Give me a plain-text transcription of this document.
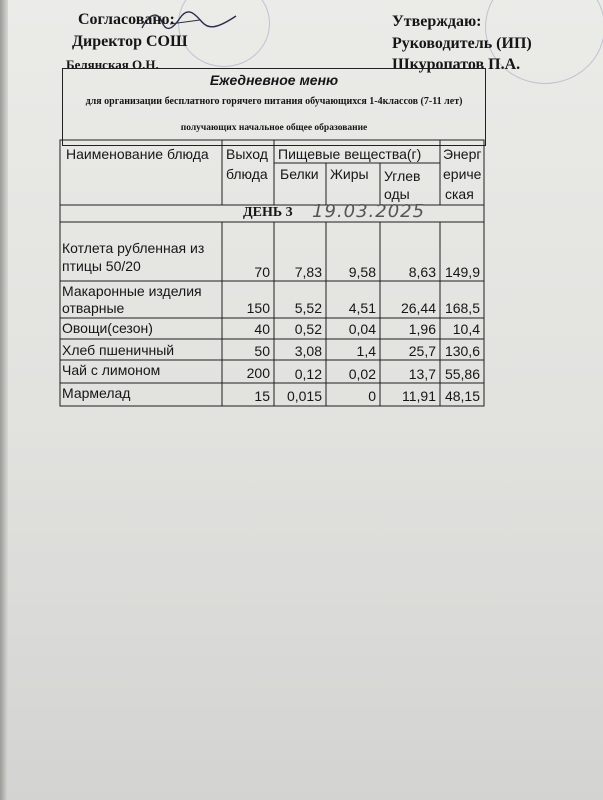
Согласовано:
Директор СОШ
Белянская О.Н.
Утверждаю:
Руководитель (ИП)
Шкуропатов П.А.
Ежедневное меню
для организации бесплатного горячего питания обучающихся 1-4классов (7-11 лет)
получающих начальное общее образование
Наименование блюда Выход
блюда
Пищевые вещества(г)
Белки Жиры Углев
оды
Энерг
ериче
ская
ДЕНЬ 3 19.03.2025
Котлета рубленная из
птицы 50/20	70	7,83	9,58	8,63 149,9
Макаронные изделия
отварные	150	5,52	4,51	26,44 168,5
Овощи(сезон)	40	0,52	0,04	1,96	10,4
Хлеб пшеничный	50	3,08	1,4	25,7 130,6
Чай с лимоном	200	0,12	0,02	13,7 55,86
Мармелад	15	0,015	0	11,91 48,15
